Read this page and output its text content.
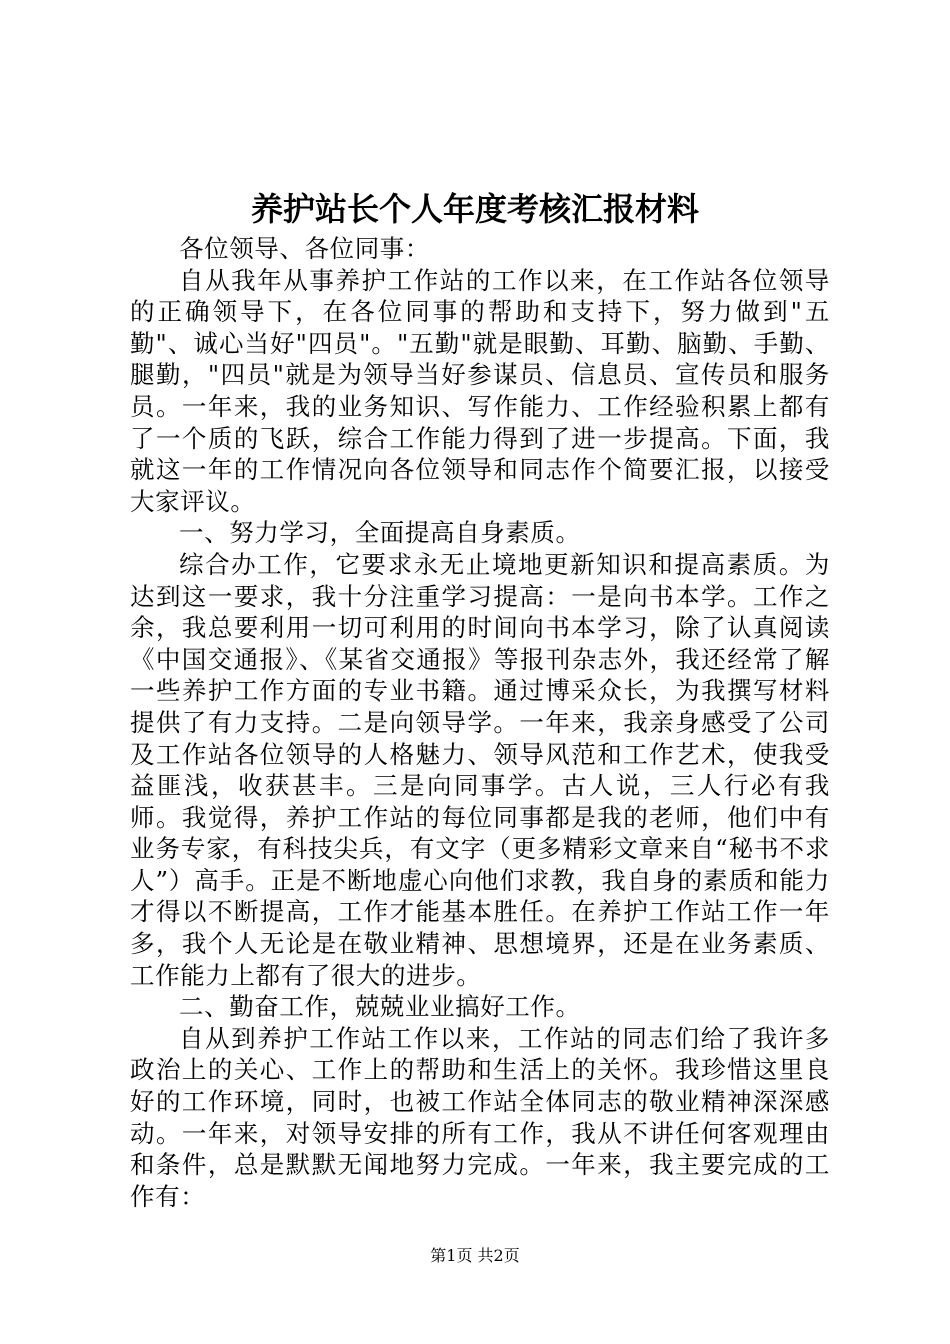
养护站长个人年度考核汇报材料

各位领导、各位同事：

自从我年从事养护工作站的工作以来，在工作站各位领导的正确领导下，在各位同事的帮助和支持下，努力做到"五勤"、诚心当好"四员"。"五勤"就是眼勤、耳勤、脑勤、手勤、腿勤，"四员"就是为领导当好参谋员、信息员、宣传员和服务员。一年来，我的业务知识、写作能力、工作经验积累上都有了一个质的飞跃，综合工作能力得到了进一步提高。下面，我就这一年的工作情况向各位领导和同志作个简要汇报，以接受大家评议。

一、努力学习，全面提高自身素质。

综合办工作，它要求永无止境地更新知识和提高素质。为达到这一要求，我十分注重学习提高：一是向书本学。工作之余，我总要利用一切可利用的时间向书本学习，除了认真阅读《中国交通报》、《某省交通报》等报刊杂志外，我还经常了解一些养护工作方面的专业书籍。通过博采众长，为我撰写材料提供了有力支持。二是向领导学。一年来，我亲身感受了公司及工作站各位领导的人格魅力、领导风范和工作艺术，使我受益匪浅，收获甚丰。三是向同事学。古人说，三人行必有我师。我觉得，养护工作站的每位同事都是我的老师，他们中有业务专家，有科技尖兵，有文字（更多精彩文章来自“秘书不求人”）高手。正是不断地虚心向他们求教，我自身的素质和能力才得以不断提高，工作才能基本胜任。在养护工作站工作一年多，我个人无论是在敬业精神、思想境界，还是在业务素质、工作能力上都有了很大的进步。

二、勤奋工作，兢兢业业搞好工作。

自从到养护工作站工作以来，工作站的同志们给了我许多政治上的关心、工作上的帮助和生活上的关怀。我珍惜这里良好的工作环境，同时，也被工作站全体同志的敬业精神深深感动。一年来，对领导安排的所有工作，我从不讲任何客观理由和条件，总是默默无闻地努力完成。一年来，我主要完成的工作有：

第1页 共2页
